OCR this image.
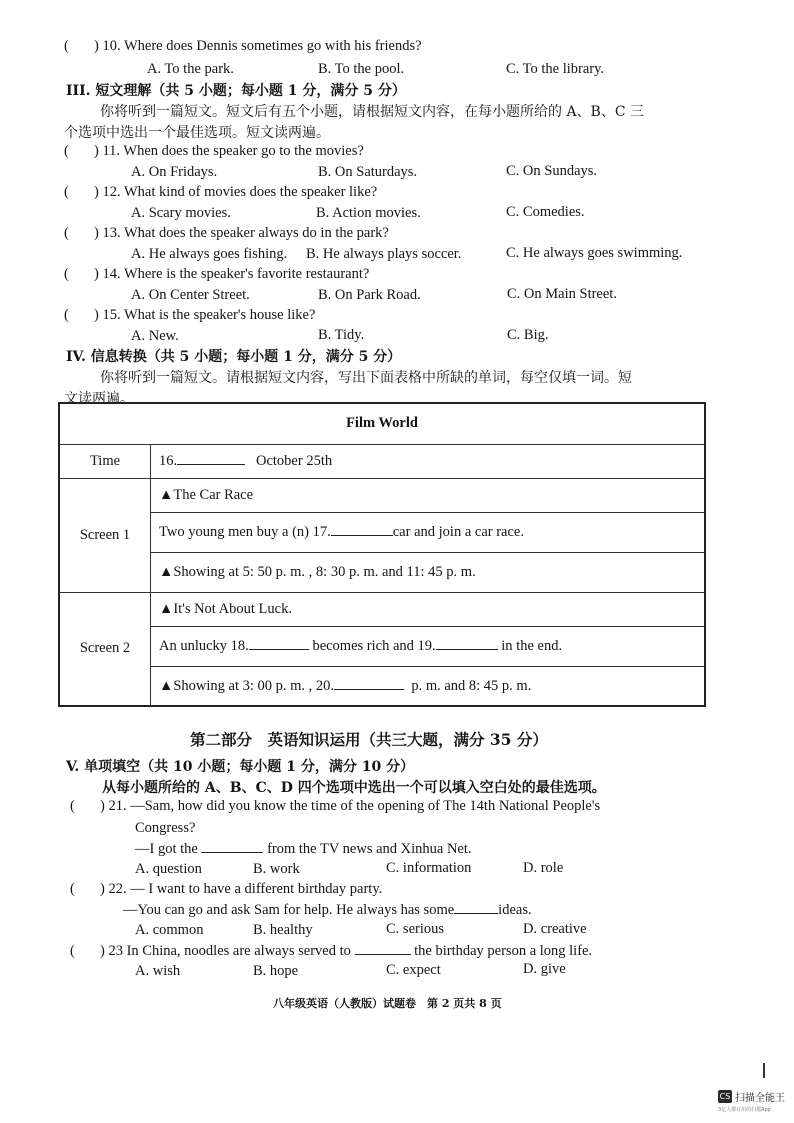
( ) 10. Where does Dennis sometimes go with his friends?
A. To the park.	B. To the pool.	C. To the library.
III. 短文理解（共 5 小题；每小题 1 分，满分 5 分）
你将听到一篇短文。短文后有五个小题，请根据短文内容，在每小题所给的 A、B、C 三
个选项中选出一个最佳选项。短文读两遍。
( ) 11. When does the speaker go to the movies?
A. On Fridays.	B. On Saturdays.	C. On Sundays.
( ) 12. What kind of movies does the speaker like?
A. Scary movies.	B. Action movies.	C. Comedies.
( ) 13. What does the speaker always do in the park?
A. He always goes fishing. B. He always plays soccer.	C. He always goes swimming.
( ) 14. Where is the speaker's favorite restaurant?
A. On Center Street.	B. On Park Road.	C. On Main Street.
( ) 15. What is the speaker's house like?
A. New.	B. Tidy.	C. Big.
IV. 信息转换（共 5 小题；每小题 1 分，满分 5 分）
你将听到一篇短文。请根据短文内容，写出下面表格中所缺的单词，每空仅填一词。短
文读两遍。
Film World	
Time	16. October 25th
Screen 1	▲The Car Race
	Two young men buy a (n) 17. car and join a car race.
	▲Showing at 5: 50 p. m. , 8: 30 p. m. and 11: 45 p. m.
Screen 2	▲It's Not About Luck.
	An unlucky 18. becomes rich and 19. in the end.
	▲Showing at 3: 00 p. m. , 20. p. m. and 8: 45 p. m.
第二部分　英语知识运用（共三大题，满分 35 分）
V. 单项填空（共 10 小题；每小题 1 分，满分 10 分）
从每小题所给的 A、B、C、D 四个选项中选出一个可以填入空白处的最佳选项。
( ) 21. —Sam, how did you know the time of the opening of The 14th National People's
Congress?
—I got the	from the TV news and Xinhua Net.
A. question	B. work	C. information	D. role
( ) 22. — I want to have a different birthday party.
—You can go and ask Sam for help. He always has some	ideas.
A. common	B. healthy	C. serious	D. creative
( ) 23 In China, noodles are always served to	the birthday person a long life.
A. wish	B. hope	C. expect	D. give
八年级英语（人教版）试题卷　第 2 页共 8 页
CS 扫描全能王
3亿人都在用的扫描App
